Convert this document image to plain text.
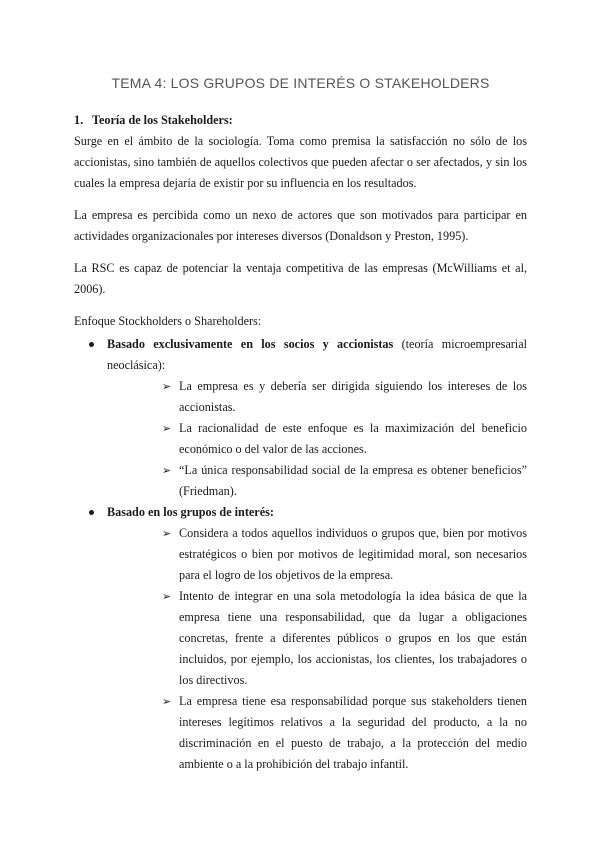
TEMA 4: LOS GRUPOS DE INTERÉS O STAKEHOLDERS
1. Teoría de los Stakeholders:

Surge en el ámbito de la sociología. Toma como premisa la satisfacción no sólo de los accionistas, sino también de aquellos colectivos que pueden afectar o ser afectados, y sin los cuales la empresa dejaría de existir por su influencia en los resultados.

La empresa es percibida como un nexo de actores que son motivados para participar en actividades organizacionales por intereses diversos (Donaldson y Preston, 1995).

La RSC es capaz de potenciar la ventaja competitiva de las empresas (McWilliams et al, 2006).

Enfoque Stockholders o Shareholders:
Basado exclusivamente en los socios y accionistas (teoría microempresarial neoclásica):
➢ La empresa es y debería ser dirigida siguiendo los intereses de los accionistas.
➢ La racionalidad de este enfoque es la maximización del beneficio económico o del valor de las acciones.
➢ “La única responsabilidad social de la empresa es obtener beneficios” (Friedman).
Basado en los grupos de interés:
➢ Considera a todos aquellos individuos o grupos que, bien por motivos estratégicos o bien por motivos de legitimidad moral, son necesarios para el logro de los objetivos de la empresa.
➢ Intento de integrar en una sola metodología la idea básica de que la empresa tiene una responsabilidad, que da lugar a obligaciones concretas, frente a diferentes públicos o grupos en los que están incluidos, por ejemplo, los accionistas, los clientes, los trabajadores o los directivos.
➢ La empresa tiene esa responsabilidad porque sus stakeholders tienen intereses legítimos relativos a la seguridad del producto, a la no discriminación en el puesto de trabajo, a la protección del medio ambiente o a la prohibición del trabajo infantil.
